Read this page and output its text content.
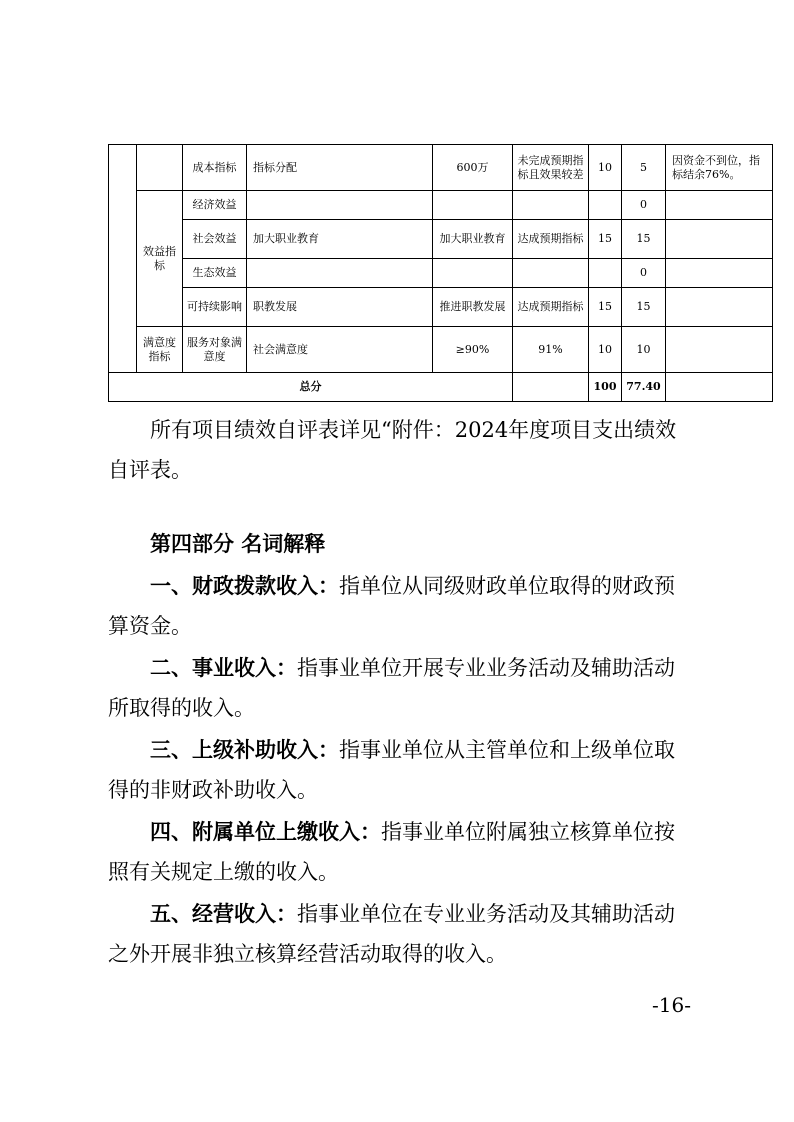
		成本指标	指标分配	600万	未完成预期指标且效果较差	10	5	因资金不到位，指标结余76%。
	效益指标	经济效益					0	
		社会效益	加大职业教育	加大职业教育	达成预期指标	15	15	
		生态效益					0	
		可持续影响	职教发展	推进职教发展	达成预期指标	15	15	
	满意度指标	服务对象满意度	社会满意度	≥90%	91%	10	10	
总分						100	77.40	

所有项目绩效自评表详见“附件：2024年度项目支出绩效自评表。

第四部分 名词解释

一、财政拨款收入：指单位从同级财政单位取得的财政预算资金。

二、事业收入：指事业单位开展专业业务活动及辅助活动所取得的收入。

三、上级补助收入：指事业单位从主管单位和上级单位取得的非财政补助收入。

四、附属单位上缴收入：指事业单位附属独立核算单位按照有关规定上缴的收入。

五、经营收入：指事业单位在专业业务活动及其辅助活动之外开展非独立核算经营活动取得的收入。

-16-
